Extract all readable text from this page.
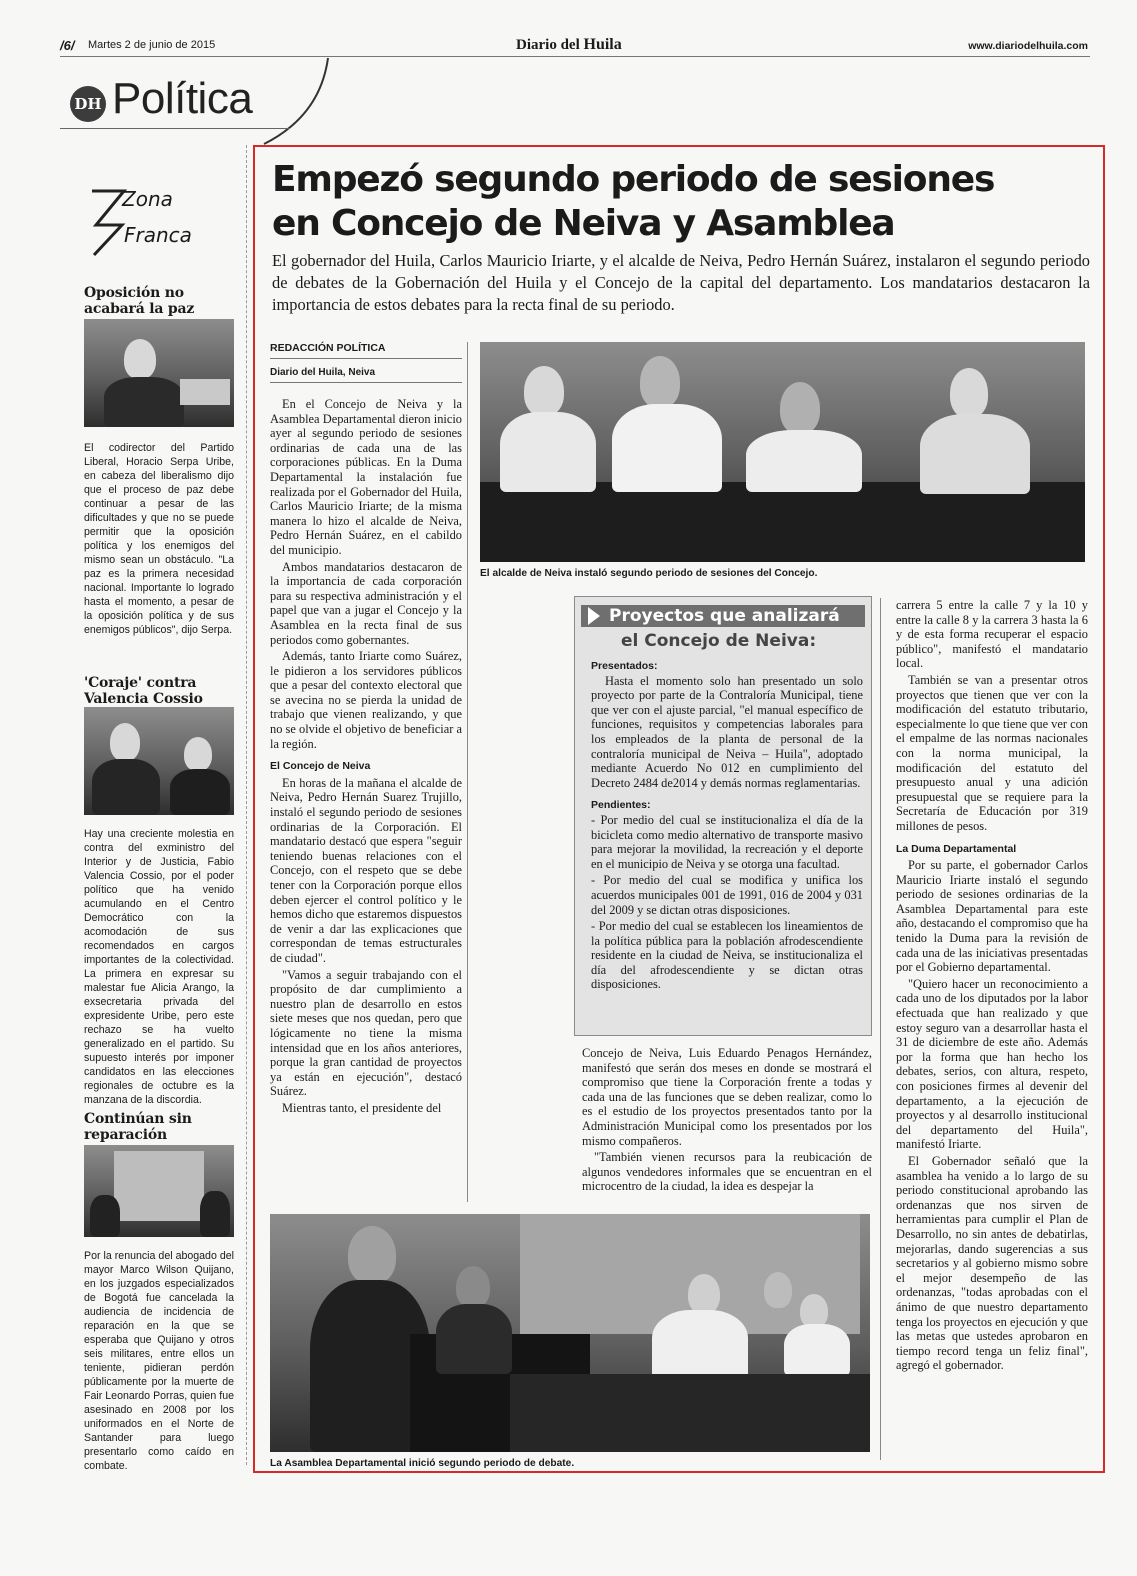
/6/ Martes 2 de junio de 2015	Diario del Huila	www.diariodelhuila.com
DH Política
Zona
Franca
Oposición no acabará la paz
El codirector del Partido Liberal, Horacio Serpa Uribe, en cabeza del liberalismo dijo que el proceso de paz debe continuar a pesar de las dificultades y que no se puede permitir que la oposición política y los enemigos del mismo sean un obstáculo. "La paz es la primera necesidad nacional. Importante lo logrado hasta el momento, a pesar de la oposición política y de sus enemigos públicos", dijo Serpa.
'Coraje' contra Valencia Cossio
Hay una creciente molestia en contra del exministro del Interior y de Justicia, Fabio Valencia Cossio, por el poder político que ha venido acumulando en el Centro Democrático con la acomodación de sus recomendados en cargos importantes de la colectividad. La primera en expresar su malestar fue Alicia Arango, la exsecretaria privada del expresidente Uribe, pero este rechazo se ha vuelto generalizado en el partido. Su supuesto interés por imponer candidatos en las elecciones regionales de octubre es la manzana de la discordia.
Continúan sin reparación
Por la renuncia del abogado del mayor Marco Wilson Quijano, en los juzgados especializados de Bogotá fue cancelada la audiencia de incidencia de reparación en la que se esperaba que Quijano y otros seis militares, entre ellos un teniente, pidieran perdón públicamente por la muerte de Fair Leonardo Porras, quien fue asesinado en 2008 por los uniformados en el Norte de Santander para luego presentarlo como caído en combate.
Empezó segundo periodo de sesiones
en Concejo de Neiva y Asamblea
El gobernador del Huila, Carlos Mauricio Iriarte, y el alcalde de Neiva, Pedro Hernán Suárez, instalaron el segundo periodo de debates de la Gobernación del Huila y el Concejo de la capital del departamento. Los mandatarios destacaron la importancia de estos debates para la recta final de su periodo.
REDACCIÓN POLÍTICA
Diario del Huila, Neiva

En el Concejo de Neiva y la Asamblea Departamental dieron inicio ayer al segundo periodo de sesiones ordinarias de cada una de las corporaciones públicas. En la Duma Departamental la instalación fue realizada por el Gobernador del Huila, Carlos Mauricio Iriarte; de la misma manera lo hizo el alcalde de Neiva, Pedro Hernán Suárez, en el cabildo del municipio.

Ambos mandatarios destacaron de la importancia de cada corporación para su respectiva administración y el papel que van a jugar el Concejo y la Asamblea en la recta final de sus periodos como gobernantes.

Además, tanto Iriarte como Suárez, le pidieron a los servidores públicos que a pesar del contexto electoral que se avecina no se pierda la unidad de trabajo que vienen realizando, y que no se olvide el objetivo de beneficiar a la región.

El Concejo de Neiva

En horas de la mañana el alcalde de Neiva, Pedro Hernán Suarez Trujillo, instaló el segundo periodo de sesiones ordinarias de la Corporación. El mandatario destacó que espera "seguir teniendo buenas relaciones con el Concejo, con el respeto que se debe tener con la Corporación porque ellos deben ejercer el control político y le hemos dicho que estaremos dispuestos de venir a dar las explicaciones que correspondan de temas estructurales de ciudad".

"Vamos a seguir trabajando con el propósito de dar cumplimiento a nuestro plan de desarrollo en estos siete meses que nos quedan, pero que lógicamente no tiene la misma intensidad que en los años anteriores, porque la gran cantidad de proyectos ya están en ejecución", destacó Suárez.

Mientras tanto, el presidente del

El alcalde de Neiva instaló segundo periodo de sesiones del Concejo.
Proyectos que analizará
el Concejo de Neiva:
Presentados:

Hasta el momento solo han presentado un solo proyecto por parte de la Contraloría Municipal, tiene que ver con el ajuste parcial, "el manual específico de funciones, requisitos y competencias laborales para los empleados de la planta de personal de la contraloría municipal de Neiva – Huila", adoptado mediante Acuerdo No 012 en cumplimiento del Decreto 2484 de2014 y demás normas reglamentarias.

Pendientes:

- Por medio del cual se institucionaliza el día de la bicicleta como medio alternativo de transporte masivo para mejorar la movilidad, la recreación y el deporte en el municipio de Neiva y se otorga una facultad.

- Por medio del cual se modifica y unifica los acuerdos municipales 001 de 1991, 016 de 2004 y 031 del 2009 y se dictan otras disposiciones.

- Por medio del cual se establecen los lineamientos de la política pública para la población afrodescendiente residente en la ciudad de Neiva, se institucionaliza el día del afrodescendiente y se dictan otras disposiciones.

Concejo de Neiva, Luis Eduardo Penagos Hernández, manifestó que serán dos meses en donde se mostrará el compromiso que tiene la Corporación frente a todas y cada una de las funciones que se deben realizar, como lo es el estudio de los proyectos presentados tanto por la Administración Municipal como los presentados por los mismo compañeros.

"También vienen recursos para la reubicación de algunos vendedores informales que se encuentran en el microcentro de la ciudad, la idea es despejar la

carrera 5 entre la calle 7 y la 10 y entre la calle 8 y la carrera 3 hasta la 6 y de esta forma recuperar el espacio público", manifestó el mandatario local.

También se van a presentar otros proyectos que tienen que ver con la modificación del estatuto tributario, especialmente lo que tiene que ver con el empalme de las normas nacionales con la norma municipal, la modificación del estatuto del presupuesto anual y una adición presupuestal que se requiere para la Secretaría de Educación por 319 millones de pesos.

La Duma Departamental

Por su parte, el gobernador Carlos Mauricio Iriarte instaló el segundo periodo de sesiones ordinarias de la Asamblea Departamental para este año, destacando el compromiso que ha tenido la Duma para la revisión de cada una de las iniciativas presentadas por el Gobierno departamental.

"Quiero hacer un reconocimiento a cada uno de los diputados por la labor efectuada que han realizado y que estoy seguro van a desarrollar hasta el 31 de diciembre de este año. Además por la forma que han hecho los debates, serios, con altura, respeto, con posiciones firmes al devenir del departamento, a la ejecución de proyectos y al desarrollo institucional del departamento del Huila", manifestó Iriarte.

El Gobernador señaló que la asamblea ha venido a lo largo de su periodo constitucional aprobando las ordenanzas que nos sirven de herramientas para cumplir el Plan de Desarrollo, no sin antes de debatirlas, mejorarlas, dando sugerencias a sus secretarios y al gobierno mismo sobre el mejor desempeño de las ordenanzas, "todas aprobadas con el ánimo de que nuestro departamento tenga los proyectos en ejecución y que las metas que ustedes aprobaron en tiempo record tenga un feliz final", agregó el gobernador.

La Asamblea Departamental inició segundo periodo de debate.
